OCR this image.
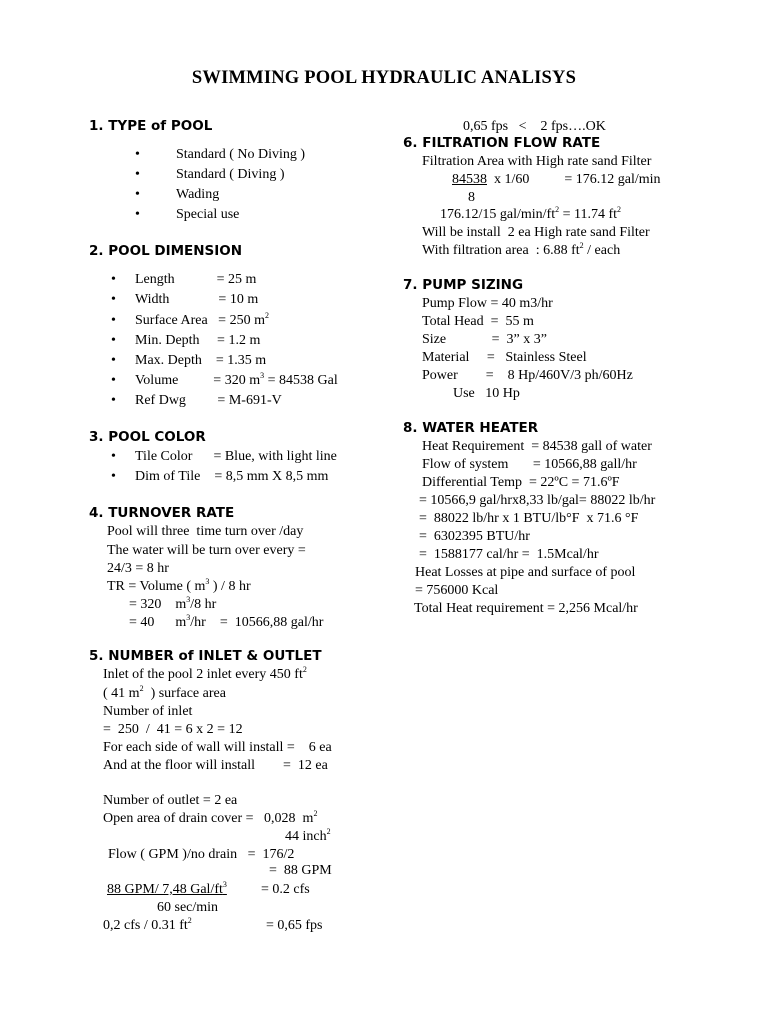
SWIMMING POOL HYDRAULIC ANALISYS
1. TYPE of POOL
•	Standard ( No Diving )
•	Standard ( Diving )
•	Wading
•	Special use
2. POOL DIMENSION
• Length            = 25 m
• Width              = 10 m
• Surface Area   = 250 $m^2$
• Min. Depth     = 1.2 m
• Max. Depth    = 1.35 m
• Volume          = 320 $m^3 = 84538$ Gal
• Ref Dwg         = M-691-V
3. POOL COLOR
• Tile Color      = Blue, with light line
• Dim of Tile    = 8,5 mm X 8,5 mm
4. TURNOVER RATE
Pool will three  time turn over /day
The water will be turn over every =
24/3 = 8 hr
TR = Volume ( $m^3$ ) / 8 hr
= 320    $m^3/8$ hr
= 40      $m^3/hr$    =  10566,88 gal/hr
5. NUMBER of INLET & OUTLET
Inlet of the pool 2 inlet every 450 $ft^2$
( 41 $m^2$  ) surface area
Number of inlet
=  250  /  41 = 6 x 2 = 12
For each side of wall will install =    6 ea
And at the floor will install        =  12 ea
Number of outlet = 2 ea
Open area of drain cover =   0,028  $m^2$
44 inch$^2$
Flow ( GPM )/no drain   =  176/2
=  88 GPM
88 GPM/ 7,48 Gal/$ft^3 = 0.2$ cfs
60 sec/min
0,2 cfs / 0.31 $ft^2$	= 0,65 fps
0,65 fps   <    2 fps….OK
6. FILTRATION FLOW RATE
Filtration Area with High rate sand Filter
84538  x 1/60          = 176.12 gal/min
8
176.12/15 gal/$\min/ft^2 = 11.74$ $ft^2$
Will be install  2 ea High rate sand Filter
With filtration area  : 6.88 $ft^2$ / each
7. PUMP SIZING
Pump Flow = 40 m3/hr
Total Head  =  55 m
Size             =  3” x 3”
Material     =   Stainless Steel
Power        =    8 Hp/460V/3 ph/60Hz
Use   10 Hp
8. WATER HEATER
Heat Requirement  = 84538 gall of water
Flow of system       = 10566,88 gall/hr
Differential Temp  = 22ºC = 71.6ºF
= 10566,9 gal/hrx8,33 lb/gal= 88022 lb/hr
=  88022 lb/hr x 1 BTU/lb°F  x 71.6 °F
=  6302395 BTU/hr
=  1588177 cal/hr =  1.5Mcal/hr
Heat Losses at pipe and surface of pool
= 756000 Kcal
Total Heat requirement = 2,256 Mcal/hr
